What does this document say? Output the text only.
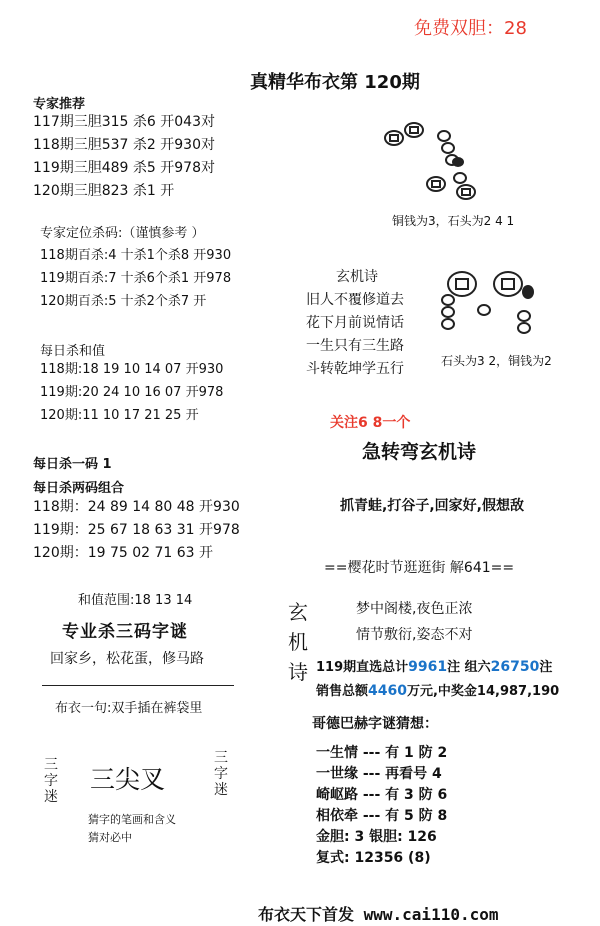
免费双胆：28
真精华布衣第 120期
专家推荐
117期三胆315 杀6 开043对
118期三胆537 杀2 开930对
119期三胆489 杀5 开978对
120期三胆823 杀1 开
专家定位杀码:（谨慎参考 ）
118期百杀:4 十杀1个杀8 开930
119期百杀:7 十杀6个杀1 开978
120期百杀:5 十杀2个杀7 开
每日杀和值
118期:18 19 10 14 07 开930
119期:20 24 10 16 07 开978
120期:11 10 17 21 25 开
每日杀一码 1
每日杀两码组合
118期：24 89 14 80 48 开930
119期：25 67 18 63 31 开978
120期：19 75 02 71 63 开
和值范围:18 13 14
专业杀三码字谜
回家乡，松花蛋，修马路
布衣一句:双手插在裤袋里
三字迷
三尖叉
三字迷
猜字的笔画和含义
猜对必中
铜钱为3，石头为2 4 1
玄机诗
旧人不覆修道去
花下月前说情话
一生只有三生路
斗转乾坤学五行	石头为3 2，铜钱为2
关注6 8一个
急转弯玄机诗
抓青蛙,打谷子,回家好,假想敌
==樱花时节逛逛街 解641==
玄
机
诗
梦中阁楼,夜色正浓
情节敷衍,姿态不对
119期直选总计9961注 组六26750注
销售总额4460万元,中奖金14,987,190
哥德巴赫字谜猜想：
一生情 --- 有 1 防 2
一世缘 --- 再看号 4
崎岖路 --- 有 3 防 6
相依牵 --- 有 5 防 8
金胆: 3 银胆: 126
复式: 12356 (8)
布衣天下首发 www.cai110.com
